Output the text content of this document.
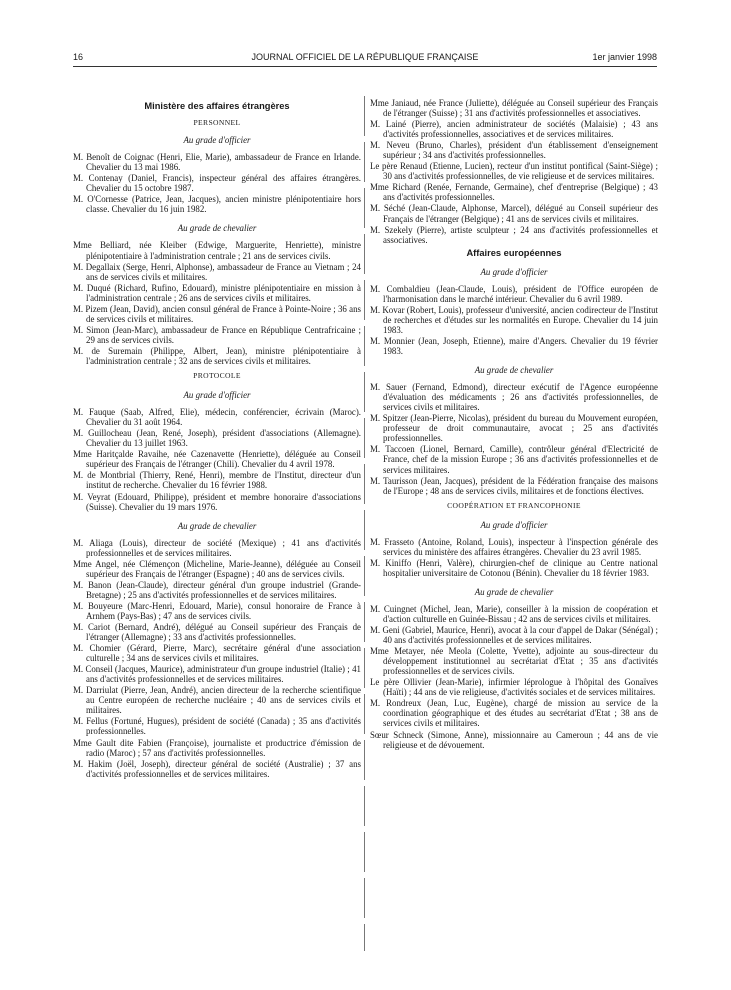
16	JOURNAL OFFICIEL DE LA RÉPUBLIQUE FRANÇAISE	1er janvier 1998

Ministère des affaires étrangères

PERSONNEL

Au grade d'officier

M. Benoît de Coignac (Henri, Elie, Marie), ambassadeur de France en Irlande. Chevalier du 13 mai 1986.

M. Contenay (Daniel, Francis), inspecteur général des affaires étrangères. Chevalier du 15 octobre 1987.

M. O'Cornesse (Patrice, Jean, Jacques), ancien ministre plénipotentiaire hors classe. Chevalier du 16 juin 1982.

Au grade de chevalier

Mme Belliard, née Kleiber (Edwige, Marguerite, Henriette), ministre plénipotentiaire à l'administration centrale ; 21 ans de services civils.

M. Degallaix (Serge, Henri, Alphonse), ambassadeur de France au Vietnam ; 24 ans de services civils et militaires.

M. Duqué (Richard, Rufino, Edouard), ministre plénipotentiaire en mission à l'administration centrale ; 26 ans de services civils et militaires.

M. Pizem (Jean, David), ancien consul général de France à Pointe-Noire ; 36 ans de services civils et militaires.

M. Simon (Jean-Marc), ambassadeur de France en République Centrafricaine ; 29 ans de services civils.

M. de Suremain (Philippe, Albert, Jean), ministre plénipotentiaire à l'administration centrale ; 32 ans de services civils et militaires.

PROTOCOLE

Au grade d'officier

M. Fauque (Saab, Alfred, Elie), médecin, conférencier, écrivain (Maroc). Chevalier du 31 août 1964.

M. Guillocheau (Jean, René, Joseph), président d'associations (Allemagne). Chevalier du 13 juillet 1963.

Mme Haritçalde Ravaihe, née Cazenavette (Henriette), déléguée au Conseil supérieur des Français de l'étranger (Chili). Chevalier du 4 avril 1978.

M. de Montbrial (Thierry, René, Henri), membre de l'Institut, directeur d'un institut de recherche. Chevalier du 16 février 1988.

M. Veyrat (Edouard, Philippe), président et membre honoraire d'associations (Suisse). Chevalier du 19 mars 1976.

Au grade de chevalier

M. Aliaga (Louis), directeur de société (Mexique) ; 41 ans d'activités professionnelles et de services militaires.

Mme Angel, née Clémençon (Micheline, Marie-Jeanne), déléguée au Conseil supérieur des Français de l'étranger (Espagne) ; 40 ans de services civils.

M. Banon (Jean-Claude), directeur général d'un groupe industriel (Grande-Bretagne) ; 25 ans d'activités professionnelles et de services militaires.

M. Bouyeure (Marc-Henri, Edouard, Marie), consul honoraire de France à Arnhem (Pays-Bas) ; 47 ans de services civils.

M. Cariot (Bernard, André), délégué au Conseil supérieur des Français de l'étranger (Allemagne) ; 33 ans d'activités professionnelles.

M. Chomier (Gérard, Pierre, Marc), secrétaire général d'une association culturelle ; 34 ans de services civils et militaires.

M. Conseil (Jacques, Maurice), administrateur d'un groupe industriel (Italie) ; 41 ans d'activités professionnelles et de services militaires.

M. Darriulat (Pierre, Jean, André), ancien directeur de la recherche scientifique au Centre européen de recherche nucléaire ; 40 ans de services civils et militaires.

M. Fellus (Fortuné, Hugues), président de société (Canada) ; 35 ans d'activités professionnelles.

Mme Gault dite Fabien (Françoise), journaliste et productrice d'émission de radio (Maroc) ; 57 ans d'activités professionnelles.

M. Hakim (Joël, Joseph), directeur général de société (Australie) ; 37 ans d'activités professionnelles et de services militaires.

Mme Janiaud, née France (Juliette), déléguée au Conseil supérieur des Français de l'étranger (Suisse) ; 31 ans d'activités professionnelles et associatives.

M. Lainé (Pierre), ancien administrateur de sociétés (Malaisie) ; 43 ans d'activités professionnelles, associatives et de services militaires.

M. Neveu (Bruno, Charles), président d'un établissement d'enseignement supérieur ; 34 ans d'activités professionnelles.

Le père Renaud (Etienne, Lucien), recteur d'un institut pontifical (Saint-Siège) ; 30 ans d'activités professionnelles, de vie religieuse et de services militaires.

Mme Richard (Renée, Fernande, Germaine), chef d'entreprise (Belgique) ; 43 ans d'activités professionnelles.

M. Séché (Jean-Claude, Alphonse, Marcel), délégué au Conseil supérieur des Français de l'étranger (Belgique) ; 41 ans de services civils et militaires.

M. Szekely (Pierre), artiste sculpteur ; 24 ans d'activités professionnelles et associatives.

Affaires européennes

Au grade d'officier

M. Combaldieu (Jean-Claude, Louis), président de l'Office européen de l'harmonisation dans le marché intérieur. Chevalier du 6 avril 1989.

M. Kovar (Robert, Louis), professeur d'université, ancien codirecteur de l'Institut de recherches et d'études sur les normalités en Europe. Chevalier du 14 juin 1983.

M. Monnier (Jean, Joseph, Etienne), maire d'Angers. Chevalier du 19 février 1983.

Au grade de chevalier

M. Sauer (Fernand, Edmond), directeur exécutif de l'Agence européenne d'évaluation des médicaments ; 26 ans d'activités professionnelles, de services civils et militaires.

M. Spitzer (Jean-Pierre, Nicolas), président du bureau du Mouvement européen, professeur de droit communautaire, avocat ; 25 ans d'activités professionnelles.

M. Taccoen (Lionel, Bernard, Camille), contrôleur général d'Electricité de France, chef de la mission Europe ; 36 ans d'activités professionnelles et de services militaires.

M. Taurisson (Jean, Jacques), président de la Fédération française des maisons de l'Europe ; 48 ans de services civils, militaires et de fonctions électives.

COOPÉRATION ET FRANCOPHONIE

Au grade d'officier

M. Frasseto (Antoine, Roland, Louis), inspecteur à l'inspection générale des services du ministère des affaires étrangères. Chevalier du 23 avril 1985.

M. Kiniffo (Henri, Valère), chirurgien-chef de clinique au Centre national hospitalier universitaire de Cotonou (Bénin). Chevalier du 18 février 1983.

Au grade de chevalier

M. Cuingnet (Michel, Jean, Marie), conseiller à la mission de coopération et d'action culturelle en Guinée-Bissau ; 42 ans de services civils et militaires.

M. Geni (Gabriel, Maurice, Henri), avocat à la cour d'appel de Dakar (Sénégal) ; 40 ans d'activités professionnelles et de services militaires.

Mme Metayer, née Meola (Colette, Yvette), adjointe au sous-directeur du développement institutionnel au secrétariat d'Etat ; 35 ans d'activités professionnelles et de services civils.

Le père Ollivier (Jean-Marie), infirmier léprologue à l'hôpital des Gonaïves (Haïti) ; 44 ans de vie religieuse, d'activités sociales et de services militaires.

M. Rondreux (Jean, Luc, Eugène), chargé de mission au service de la coordination géographique et des études au secrétariat d'Etat ; 38 ans de services civils et militaires.

Sœur Schneck (Simone, Anne), missionnaire au Cameroun ; 44 ans de vie religieuse et de dévouement.
